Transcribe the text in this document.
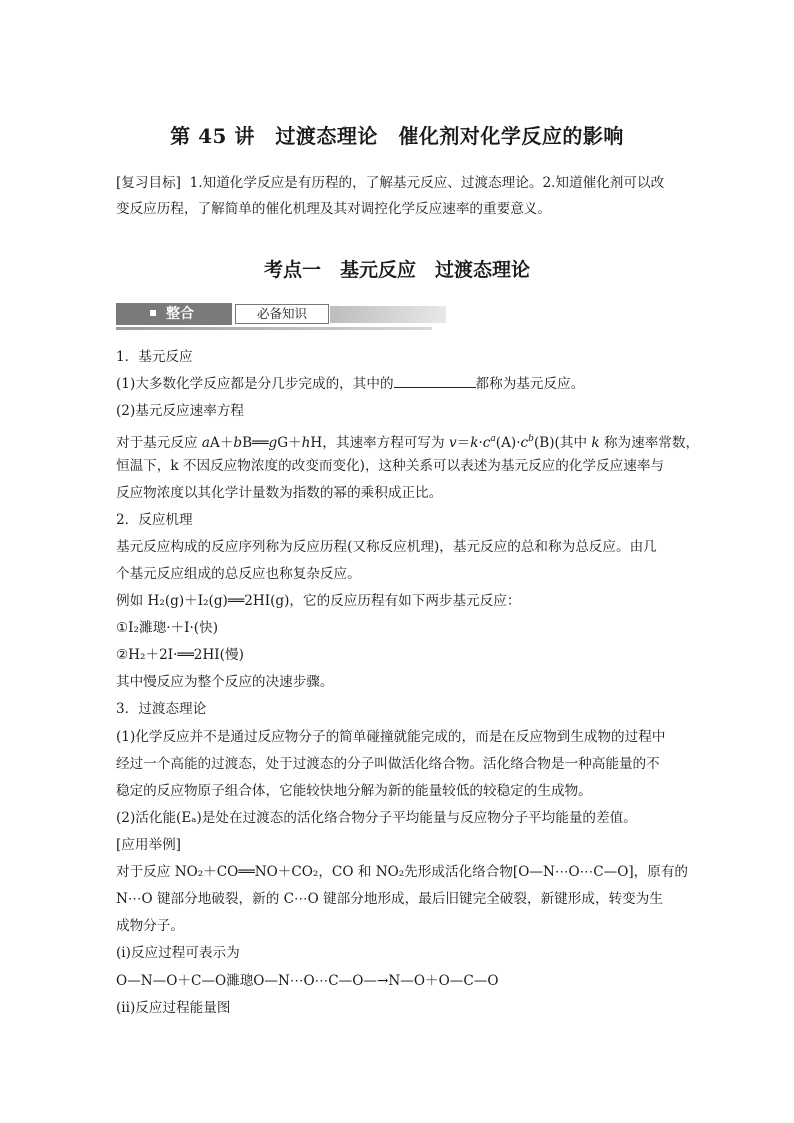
第 45 讲　过渡态理论　催化剂对化学反应的影响
[复习目标] 1.知道化学反应是有历程的，了解基元反应、过渡态理论。2.知道催化剂可以改
变反应历程，了解简单的催化机理及其对调控化学反应速率的重要意义。
考点一　基元反应　过渡态理论
整合	必备知识
1．基元反应
(1)大多数化学反应都是分几步完成的，其中的	都称为基元反应。
(2)基元反应速率方程
对于基元反应 aA＋bB══gG＋hH，其速率方程可写为 $v=k\cdot c^a(A)\cdot c^b(B)$(其中 k 称为速率常数，
恒温下，k 不因反应物浓度的改变而变化)，这种关系可以表述为基元反应的化学反应速率与
反应物浓度以其化学计量数为指数的幂的乘积成正比。
2．反应机理
基元反应构成的反应序列称为反应历程(又称反应机理)，基元反应的总和称为总反应。由几
个基元反应组成的总反应也称复杂反应。
例如 H₂(g)＋I₂(g)══2HI(g)，它的反应历程有如下两步基元反应：
①I₂濉璁·＋I·(快)
②H₂＋2I·══2HI(慢)
其中慢反应为整个反应的决速步骤。
3．过渡态理论
(1)化学反应并不是通过反应物分子的简单碰撞就能完成的，而是在反应物到生成物的过程中
经过一个高能的过渡态，处于过渡态的分子叫做活化络合物。活化络合物是一种高能量的不
稳定的反应物原子组合体，它能较快地分解为新的能量较低的较稳定的生成物。
(2)活化能(Eₐ)是处在过渡态的活化络合物分子平均能量与反应物分子平均能量的差值。
[应用举例]
对于反应 NO₂＋CO══NO＋CO₂，CO 和 NO₂先形成活化络合物[O—N⋯O⋯C—O]，原有的
N⋯O 键部分地破裂，新的 C⋯O 键部分地形成，最后旧键完全破裂，新键形成，转变为生
成物分子。
(ⅰ)反应过程可表示为
O—N—O＋C—O濉璁O—N⋯O⋯C—O—→N—O＋O—C—O
(ⅱ)反应过程能量图
